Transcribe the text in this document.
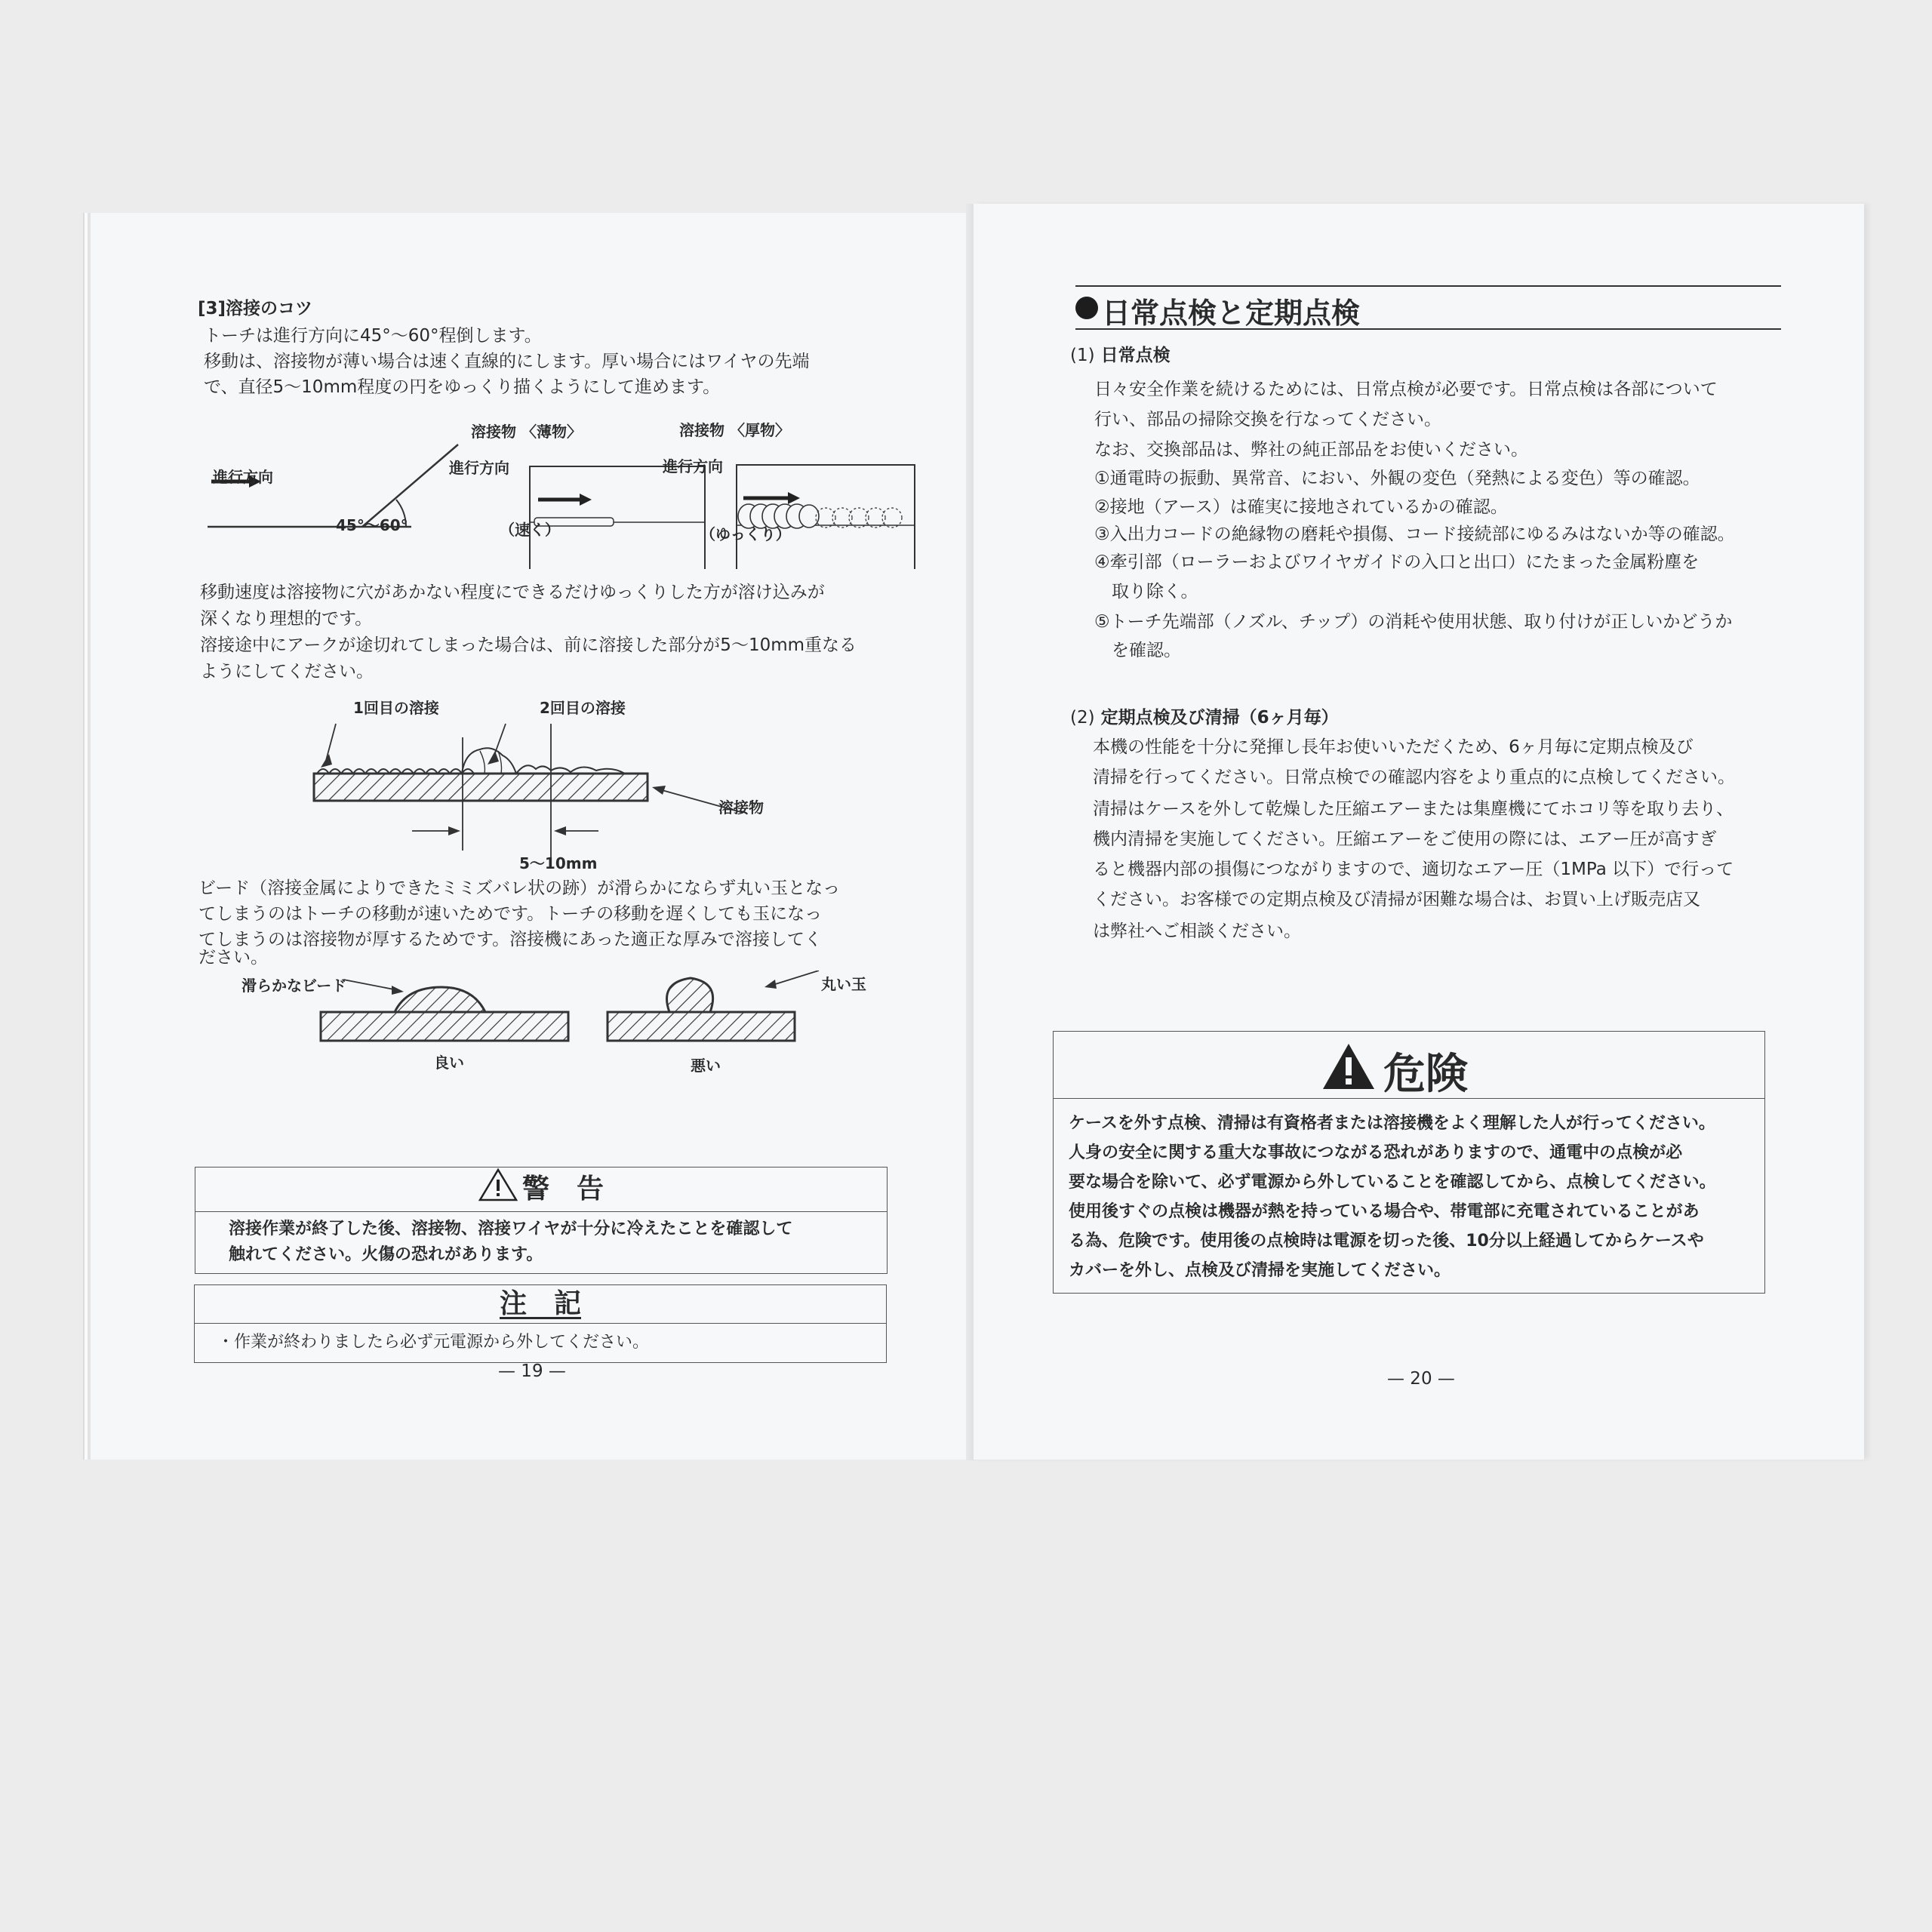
[3]溶接のコツ
トーチは進行方向に45°～60°程倒します。
移動は、溶接物が薄い場合は速く直線的にします。厚い場合にはワイヤの先端
で、直径5～10mm程度の円をゆっくり描くようにして進めます。
進行方向
45°～60°
溶接物 〈薄物〉
進行方向
（速く）
溶接物 〈厚物〉
進行方向
（ゆっくり）
移動速度は溶接物に穴があかない程度にできるだけゆっくりした方が溶け込みが
深くなり理想的です。
溶接途中にアークが途切れてしまった場合は、前に溶接した部分が5～10mm重なる
ようにしてください。
1回目の溶接	2回目の溶接
溶接物
5～10mm
ビード（溶接金属によりできたミミズバレ状の跡）が滑らかにならず丸い玉となっ
てしまうのはトーチの移動が速いためです。トーチの移動を遅くしても玉になっ
てしまうのは溶接物が厚するためです。溶接機にあった適正な厚みで溶接してく
ださい。
滑らかなビード
良い
丸い玉
悪い
警　告
溶接作業が終了した後、溶接物、溶接ワイヤが十分に冷えたことを確認して
触れてください。火傷の恐れがあります。
注　記
・作業が終わりましたら必ず元電源から外してください。
— 19 —
日常点検と定期点検
(1) 日常点検
日々安全作業を続けるためには、日常点検が必要です。日常点検は各部について
行い、部品の掃除交換を行なってください。
なお、交換部品は、弊社の純正部品をお使いください。
①通電時の振動、異常音、におい、外観の変色（発熱による変色）等の確認。
②接地（アース）は確実に接地されているかの確認。
③入出力コードの絶縁物の磨耗や損傷、コード接続部にゆるみはないか等の確認。
④牽引部（ローラーおよびワイヤガイドの入口と出口）にたまった金属粉塵を
　取り除く。
⑤トーチ先端部（ノズル、チップ）の消耗や使用状態、取り付けが正しいかどうか
　を確認。
(2) 定期点検及び清掃（6ヶ月毎）
本機の性能を十分に発揮し長年お使いいただくため、6ヶ月毎に定期点検及び
清掃を行ってください。日常点検での確認内容をより重点的に点検してください。
清掃はケースを外して乾燥した圧縮エアーまたは集塵機にてホコリ等を取り去り、
機内清掃を実施してください。圧縮エアーをご使用の際には、エアー圧が高すぎ
ると機器内部の損傷につながりますので、適切なエアー圧（1MPa 以下）で行って
ください。お客様での定期点検及び清掃が困難な場合は、お買い上げ販売店又
は弊社へご相談ください。
危険
ケースを外す点検、清掃は有資格者または溶接機をよく理解した人が行ってください。
人身の安全に関する重大な事故につながる恐れがありますので、通電中の点検が必
要な場合を除いて、必ず電源から外していることを確認してから、点検してください。
使用後すぐの点検は機器が熱を持っている場合や、帯電部に充電されていることがあ
る為、危険です。使用後の点検時は電源を切った後、10分以上経過してからケースや
カバーを外し、点検及び清掃を実施してください。
— 20 —
